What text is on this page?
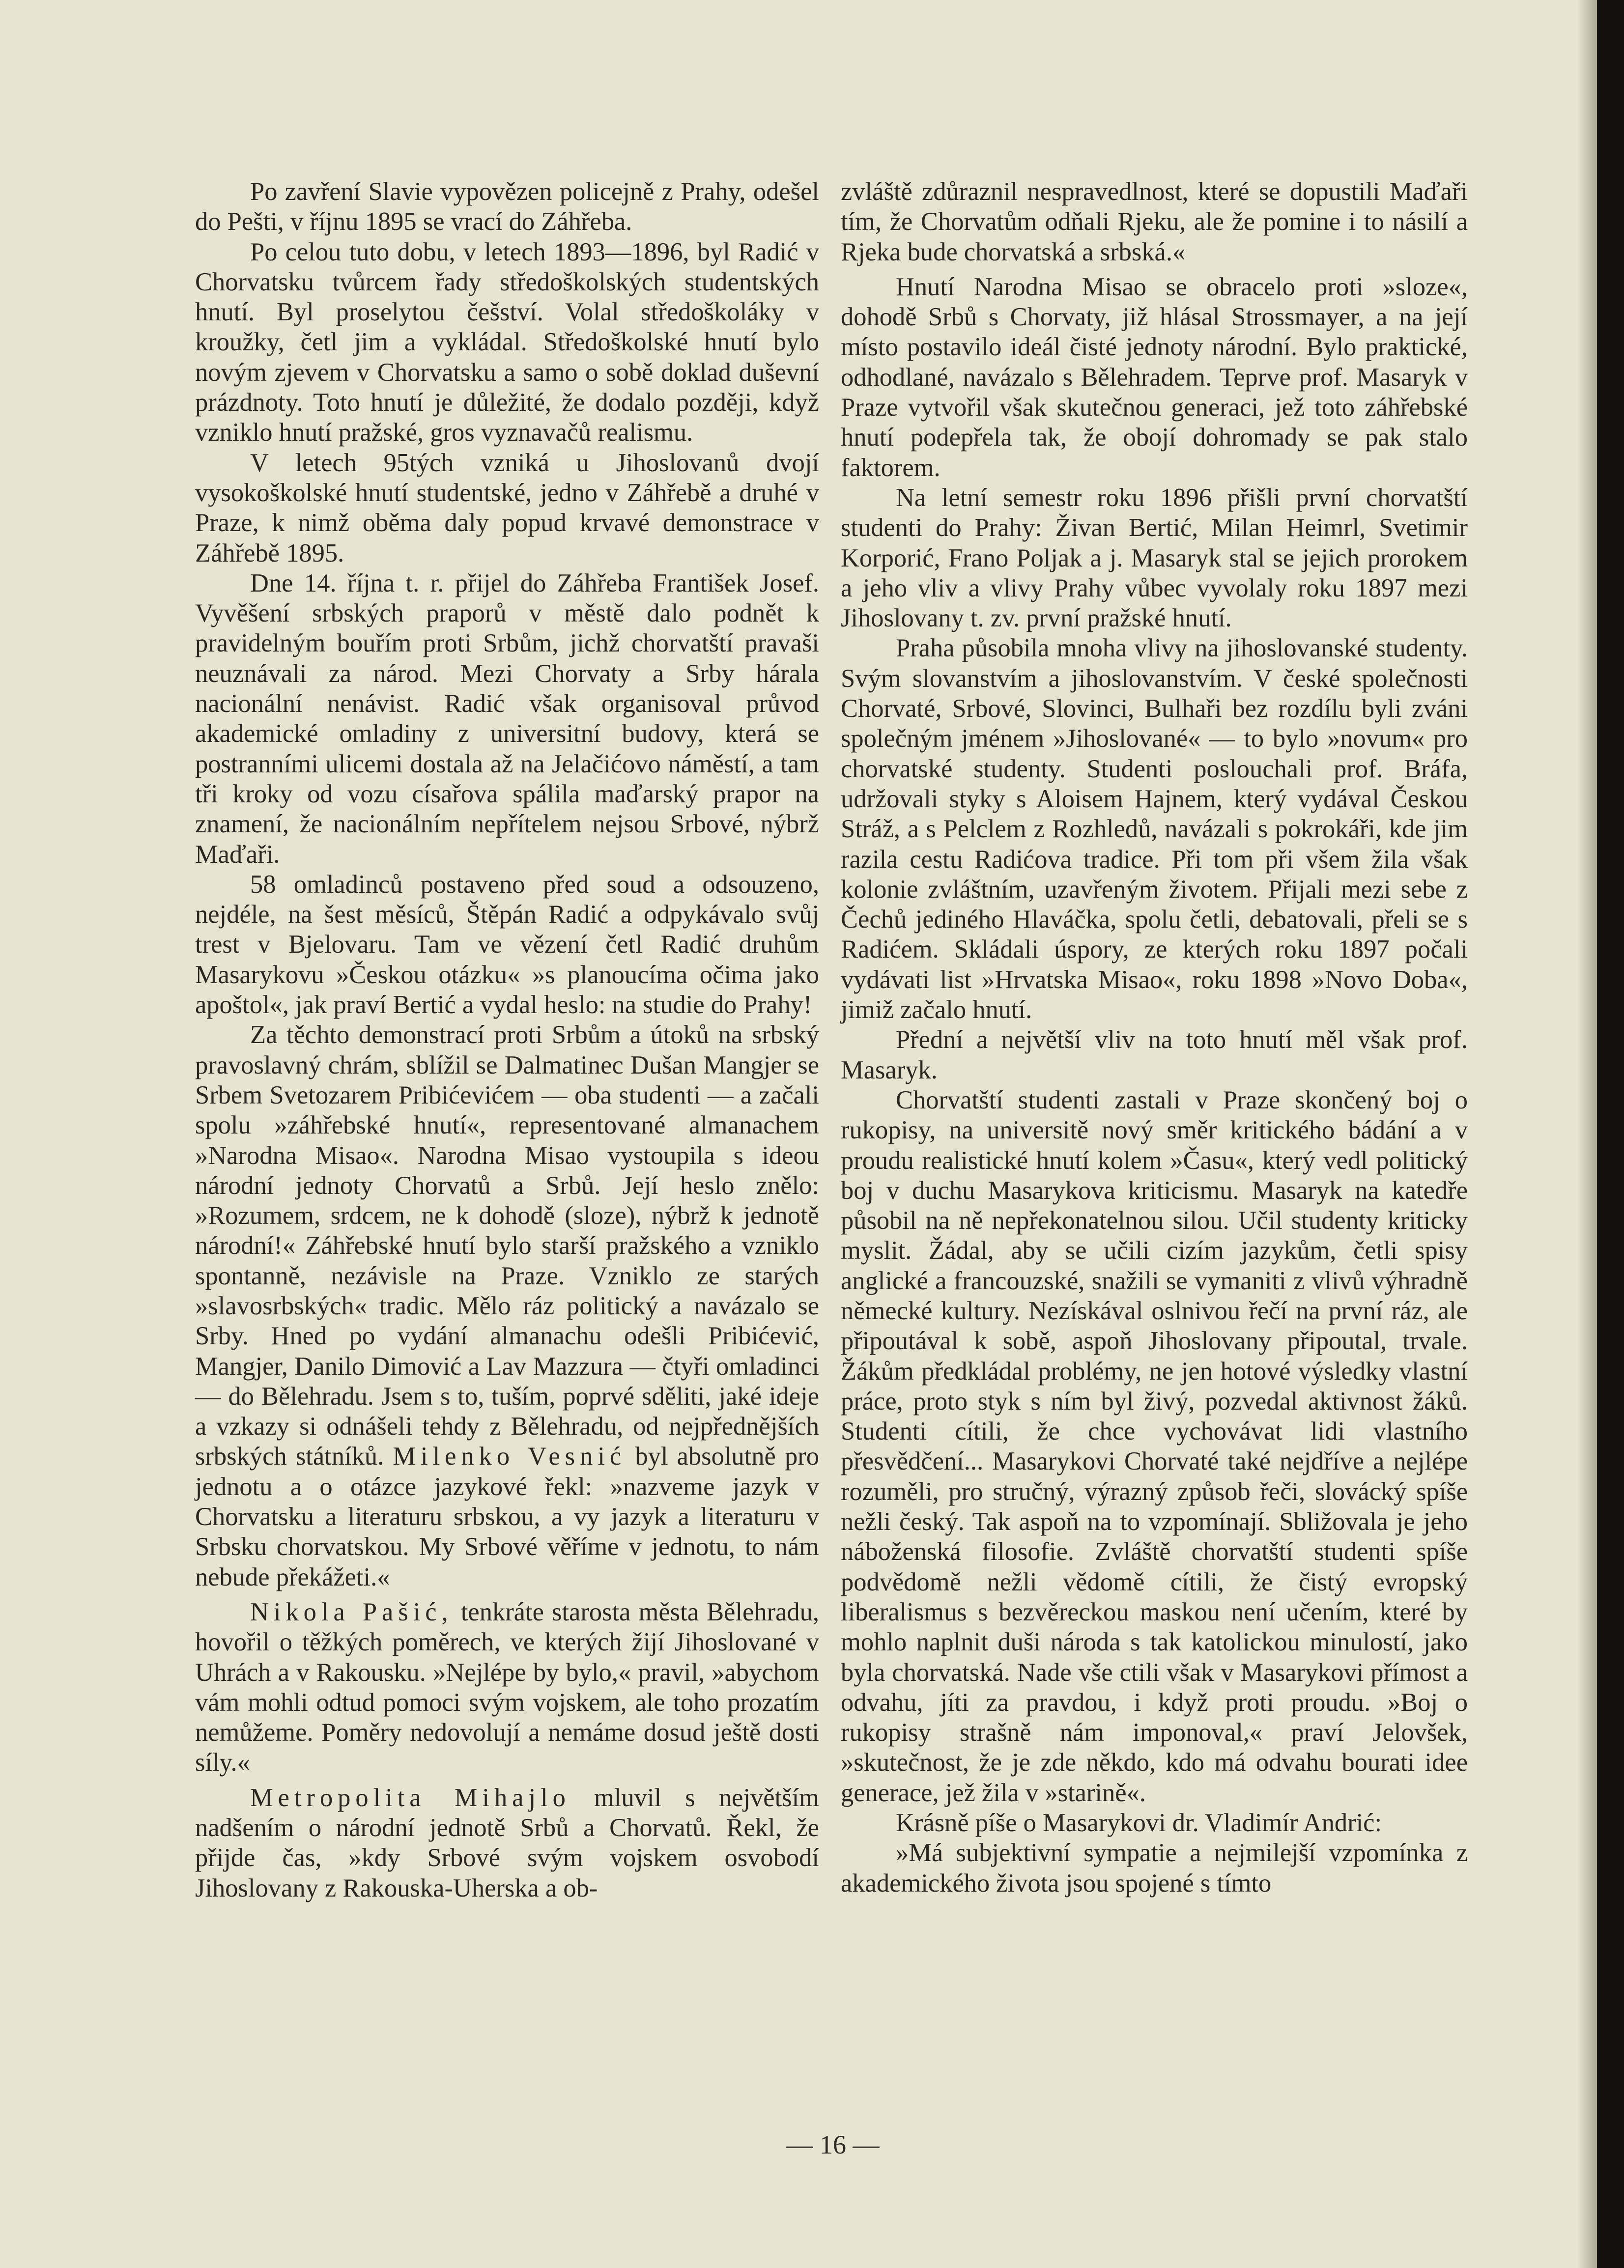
Po zavření Slavie vypovězen policejně z Prahy, odešel do Pešti, v říjnu 1895 se vrací do Záhřeba.

Po celou tuto dobu, v letech 1893—1896, byl Radić v Chorvatsku tvůrcem řady středoškolských studentských hnutí. Byl proselytou češství. Volal středoškoláky v kroužky, četl jim a vykládal. Středoškolské hnutí bylo novým zjevem v Chorvatsku a samo o sobě doklad duševní prázdnoty. Toto hnutí je důležité, že dodalo později, když vzniklo hnutí pražské, gros vyznavačů realismu.

V letech 95tých vzniká u Jihoslovanů dvojí vysokoškolské hnutí studentské, jedno v Záhřebě a druhé v Praze, k nimž oběma daly popud krvavé demonstrace v Záhřebě 1895.

Dne 14. října t. r. přijel do Záhřeba František Josef. Vyvěšení srbských praporů v městě dalo podnět k pravidelným bouřím proti Srbům, jichž chorvatští pravaši neuznávali za národ. Mezi Chorvaty a Srby hárala nacionální nenávist. Radić však organisoval průvod akademické omladiny z universitní budovy, která se postranními ulicemi dostala až na Jelačićovo náměstí, a tam tři kroky od vozu císařova spálila maďarský prapor na znamení, že nacionálním nepřítelem nejsou Srbové, nýbrž Maďaři.

58 omladinců postaveno před soud a odsouzeno, nejdéle, na šest měsíců, Štěpán Radić a odpykávalo svůj trest v Bjelovaru. Tam ve vězení četl Radić druhům Masarykovu »Českou otázku« »s planoucíma očima jako apoštol«, jak praví Bertić a vydal heslo: na studie do Prahy!

Za těchto demonstrací proti Srbům a útoků na srbský pravoslavný chrám, sblížil se Dalmatinec Dušan Mangjer se Srbem Svetozarem Pribićevićem — oba studenti — a začali spolu »záhřebské hnutí«, representované almanachem »Narodna Misao«. Narodna Misao vystoupila s ideou národní jednoty Chorvatů a Srbů. Její heslo znělo: »Rozumem, srdcem, ne k dohodě (sloze), nýbrž k jednotě národní!« Záhřebské hnutí bylo starší pražského a vzniklo spontanně, nezávisle na Praze. Vzniklo ze starých »slavosrbských« tradic. Mělo ráz politický a navázalo se Srby. Hned po vydání almanachu odešli Pribićević, Mangjer, Danilo Dimović a Lav Mazzura — čtyři omladinci — do Bělehradu. Jsem s to, tuším, poprvé sděliti, jaké ideje a vzkazy si odnášeli tehdy z Bělehradu, od nejpřednějších srbských státníků. Milenko Vesnić byl absolutně pro jednotu a o otázce jazykové řekl: »nazveme jazyk v Chorvatsku a literaturu srbskou, a vy jazyk a literaturu v Srbsku chorvatskou. My Srbové věříme v jednotu, to nám nebude překážeti.«

Nikola Pašić, tenkráte starosta města Bělehradu, hovořil o těžkých poměrech, ve kterých žijí Jihoslované v Uhrách a v Rakousku. »Nejlépe by bylo,« pravil, »abychom vám mohli odtud pomoci svým vojskem, ale toho prozatím nemůžeme. Poměry nedovolují a nemáme dosud ještě dosti síly.«

Metropolita Mihajlo mluvil s největším nadšením o národní jednotě Srbů a Chorvatů. Řekl, že přijde čas, »kdy Srbové svým vojskem osvobodí Jihoslovany z Rakouska-Uherska a ob-

zvláště zdůraznil nespravedlnost, které se dopustili Maďaři tím, že Chorvatům odňali Rjeku, ale že pomine i to násilí a Rjeka bude chorvatská a srbská.«

Hnutí Narodna Misao se obracelo proti »sloze«, dohodě Srbů s Chorvaty, již hlásal Strossmayer, a na její místo postavilo ideál čisté jednoty národní. Bylo praktické, odhodlané, navázalo s Bělehradem. Teprve prof. Masaryk v Praze vytvořil však skutečnou generaci, jež toto záhřebské hnutí podepřela tak, že obojí dohromady se pak stalo faktorem.

Na letní semestr roku 1896 přišli první chorvatští studenti do Prahy: Živan Bertić, Milan Heimrl, Svetimir Korporić, Frano Poljak a j. Masaryk stal se jejich prorokem a jeho vliv a vlivy Prahy vůbec vyvolaly roku 1897 mezi Jihoslovany t. zv. první pražské hnutí.

Praha působila mnoha vlivy na jihoslovanské studenty. Svým slovanstvím a jihoslovanstvím. V české společnosti Chorvaté, Srbové, Slovinci, Bulhaři bez rozdílu byli zváni společným jménem »Jihoslované« — to bylo »novum« pro chorvatské studenty. Studenti poslouchali prof. Bráfa, udržovali styky s Aloisem Hajnem, který vydával Českou Stráž, a s Pelclem z Rozhledů, navázali s pokrokáři, kde jim razila cestu Radićova tradice. Při tom při všem žila však kolonie zvláštním, uzavřeným životem. Přijali mezi sebe z Čechů jediného Hlaváčka, spolu četli, debatovali, přeli se s Radićem. Skládali úspory, ze kterých roku 1897 počali vydávati list »Hrvatska Misao«, roku 1898 »Novo Doba«, jimiž začalo hnutí.

Přední a největší vliv na toto hnutí měl však prof. Masaryk.

Chorvatští studenti zastali v Praze skončený boj o rukopisy, na universitě nový směr kritického bádání a v proudu realistické hnutí kolem »Času«, který vedl politický boj v duchu Masarykova kriticismu. Masaryk na katedře působil na ně nepřekonatelnou silou. Učil studenty kriticky myslit. Žádal, aby se učili cizím jazykům, četli spisy anglické a francouzské, snažili se vymaniti z vlivů výhradně německé kultury. Nezískával oslnivou řečí na první ráz, ale připoutával k sobě, aspoň Jihoslovany připoutal, trvale. Žákům předkládal problémy, ne jen hotové výsledky vlastní práce, proto styk s ním byl živý, pozvedal aktivnost žáků. Studenti cítili, že chce vychovávat lidi vlastního přesvědčení... Masarykovi Chorvaté také nejdříve a nejlépe rozuměli, pro stručný, výrazný způsob řeči, slovácký spíše nežli český. Tak aspoň na to vzpomínají. Sbližovala je jeho náboženská filosofie. Zvláště chorvatští studenti spíše podvědomě nežli vědomě cítili, že čistý evropský liberalismus s bezvěreckou maskou není učením, které by mohlo naplnit duši národa s tak katolickou minulostí, jako byla chorvatská. Nade vše ctili však v Masarykovi přímost a odvahu, jíti za pravdou, i když proti proudu. »Boj o rukopisy strašně nám imponoval,« praví Jelovšek, »skutečnost, že je zde někdo, kdo má odvahu bourati idee generace, jež žila v »starině«.

Krásně píše o Masarykovi dr. Vladimír Andrić:

»Má subjektivní sympatie a nejmilejší vzpomínka z akademického života jsou spojené s tímto

— 16 —
